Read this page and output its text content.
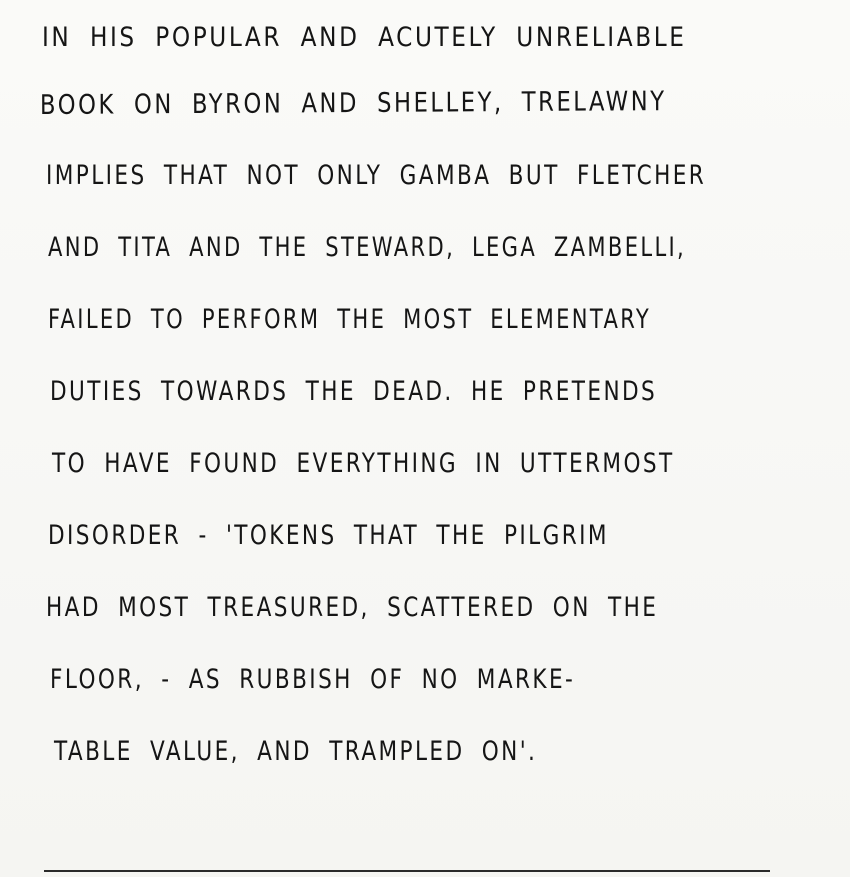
IN HIS POPULAR AND ACUTELY UNRELIABLE
BOOK ON BYRON AND SHELLEY, TRELAWNY
IMPLIES THAT NOT ONLY GAMBA BUT FLETCHER
AND TITA AND THE STEWARD, LEGA ZAMBELLI,
FAILED TO PERFORM THE MOST ELEMENTARY
DUTIES TOWARDS THE DEAD. HE PRETENDS
TO HAVE FOUND EVERYTHING IN UTTERMOST
DISORDER - 'TOKENS THAT THE PILGRIM
HAD MOST TREASURED, SCATTERED ON THE
FLOOR, - AS RUBBISH OF NO MARKE-
TABLE VALUE, AND TRAMPLED ON'.
